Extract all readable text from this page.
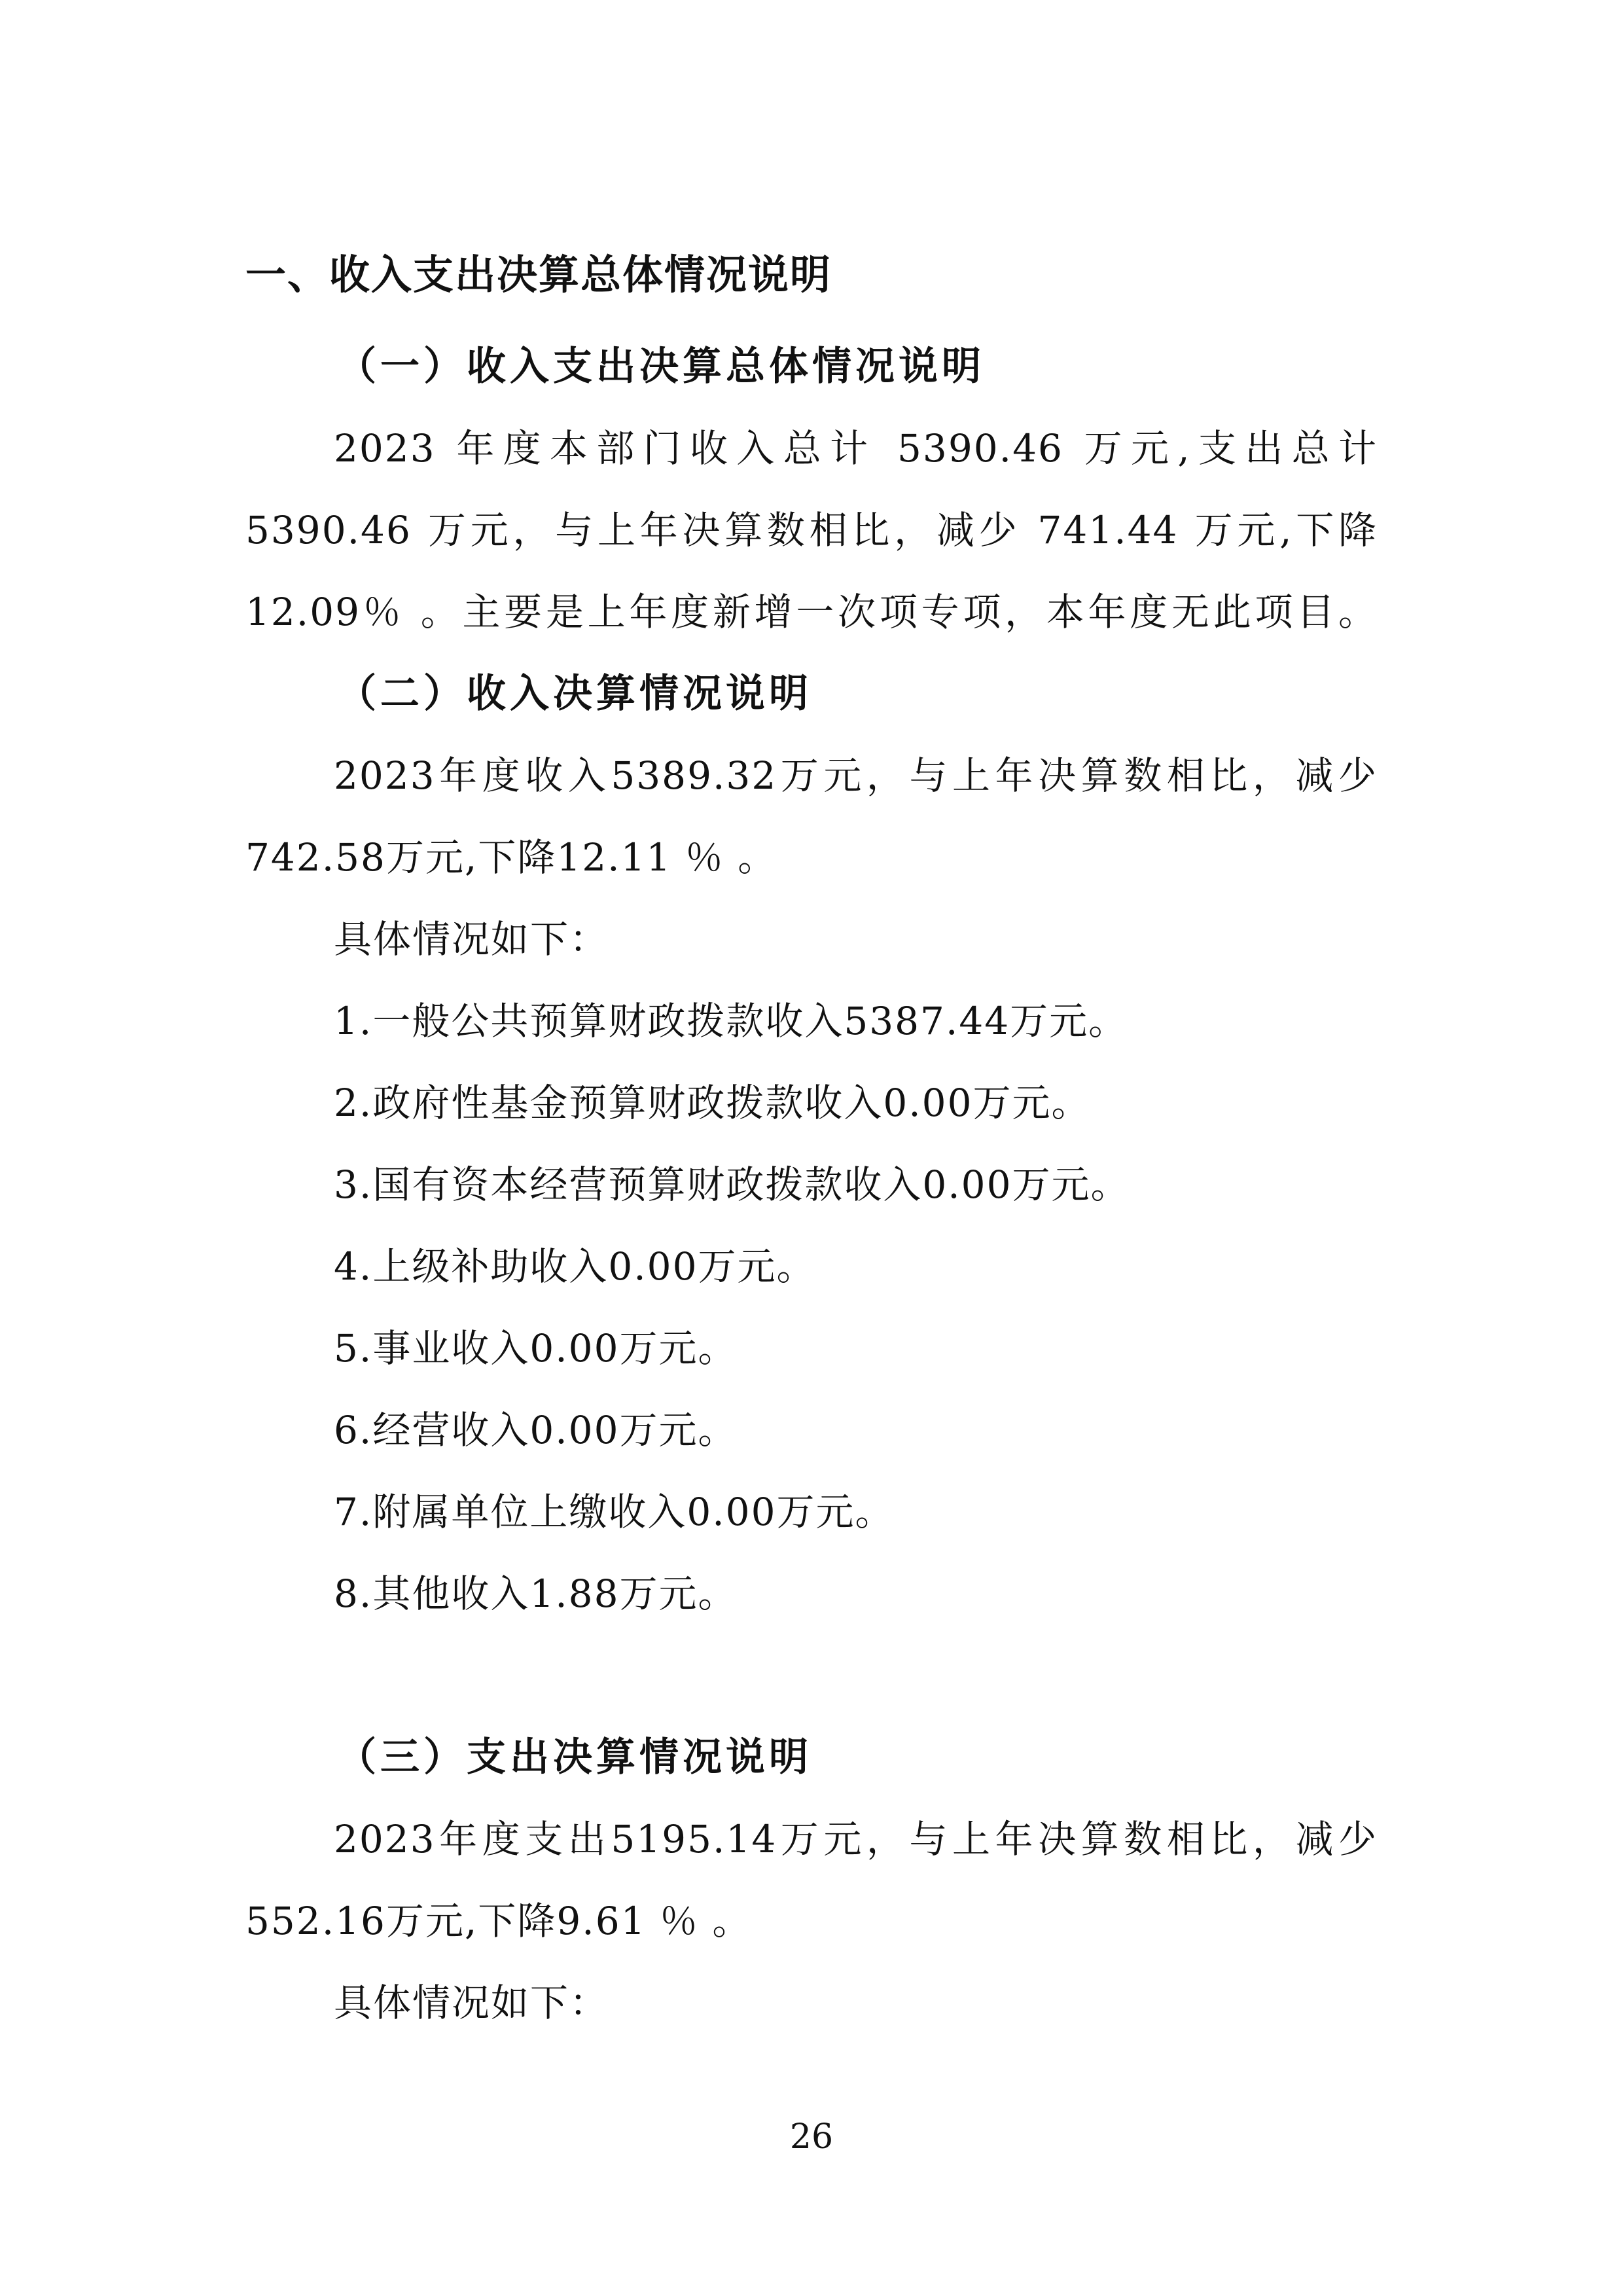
一、收入支出决算总体情况说明
（一）收入支出决算总体情况说明
2023 年度本部门收入总计 5390.46 万元,支出总计
5390.46 万元，与上年决算数相比，减少 741.44 万元,下降
12.09％ 。主要是上年度新增一次项专项，本年度无此项目。
（二）收入决算情况说明
2023年度收入5389.32万元，与上年决算数相比，减少
742.58万元,下降12.11 ％ 。
具体情况如下：
1.一般公共预算财政拨款收入5387.44万元。
2.政府性基金预算财政拨款收入0.00万元。
3.国有资本经营预算财政拨款收入0.00万元。
4.上级补助收入0.00万元。
5.事业收入0.00万元。
6.经营收入0.00万元。
7.附属单位上缴收入0.00万元。
8.其他收入1.88万元。
（三）支出决算情况说明
2023年度支出5195.14万元，与上年决算数相比，减少
552.16万元,下降9.61 ％ 。
具体情况如下：
26
